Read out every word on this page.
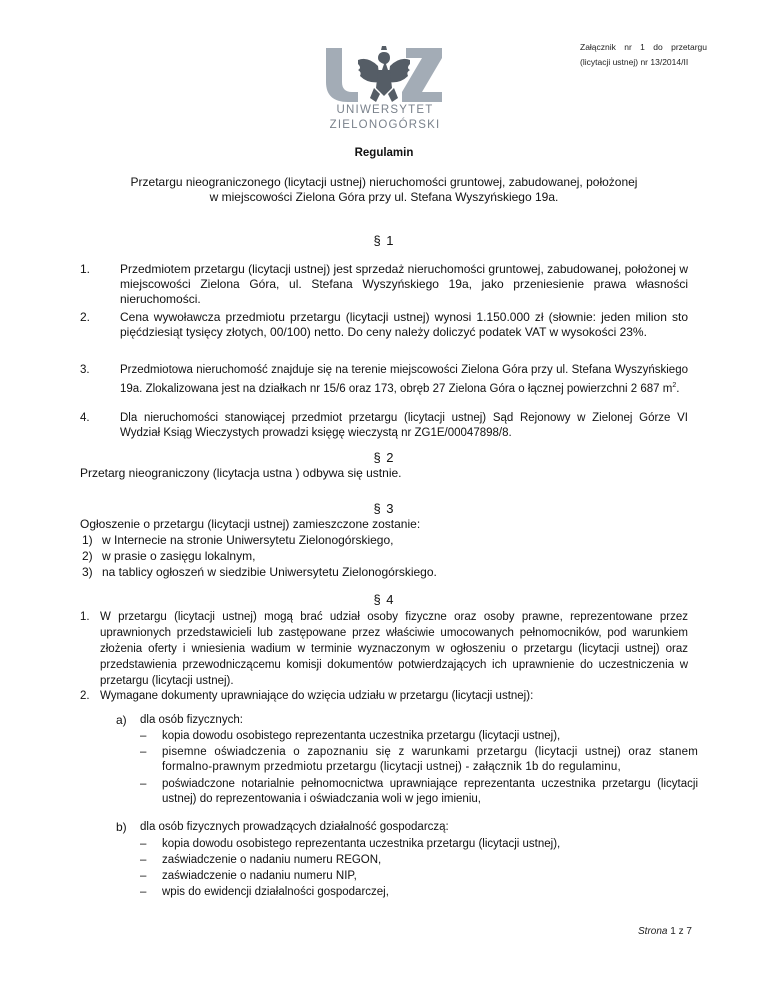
Załącznik nr 1 do przetargu
(licytacji ustnej) nr 13/2014/II
UNIWERSYTET
ZIELONOGÓRSKI
Regulamin
Przetargu nieograniczonego (licytacji ustnej) nieruchomości gruntowej, zabudowanej, położonej
w miejscowości Zielona Góra przy ul. Stefana Wyszyńskiego 19a.
§ 1
1. Przedmiotem przetargu (licytacji ustnej) jest sprzedaż nieruchomości gruntowej, zabudowanej, położonej w miejscowości Zielona Góra, ul. Stefana Wyszyńskiego 19a, jako przeniesienie prawa własności nieruchomości.
2. Cena wywoławcza przedmiotu przetargu (licytacji ustnej) wynosi 1.150.000 zł (słownie: jeden milion sto pięćdziesiąt tysięcy złotych, 00/100) netto. Do ceny należy doliczyć podatek VAT w wysokości 23%.
3.	Przedmiotowa nieruchomość znajduje się na terenie miejscowości Zielona Góra przy ul. Stefana Wyszyńskiego 19a. Zlokalizowana jest na działkach nr 15/6 oraz 173, obręb 27 Zielona Góra o łącznej powierzchni 2 687 $m^2$.
4.	Dla nieruchomości stanowiącej przedmiot przetargu (licytacji ustnej) Sąd Rejonowy w Zielonej Górze VI Wydział Ksiąg Wieczystych prowadzi księgę wieczystą nr ZG1E/00047898/8.
§ 2
Przetarg nieograniczony (licytacja ustna ) odbywa się ustnie.
§ 3
Ogłoszenie o przetargu (licytacji ustnej) zamieszczone zostanie:
1) w Internecie na stronie Uniwersytetu Zielonogórskiego,
2) w prasie o zasięgu lokalnym,
3) na tablicy ogłoszeń w siedzibie Uniwersytetu Zielonogórskiego.
§ 4
1. W przetargu (licytacji ustnej) mogą brać udział osoby fizyczne oraz osoby prawne, reprezentowane przez uprawnionych przedstawicieli lub zastępowane przez właściwie umocowanych pełnomocników, pod warunkiem złożenia oferty i wniesienia wadium w terminie wyznaczonym w ogłoszeniu o przetargu (licytacji ustnej) oraz przedstawienia przewodniczącemu komisji dokumentów potwierdzających ich uprawnienie do uczestniczenia w przetargu (licytacji ustnej).
2. Wymagane dokumenty uprawniające do wzięcia udziału w przetargu (licytacji ustnej):
a) dla osób fizycznych:
– kopia dowodu osobistego reprezentanta uczestnika przetargu (licytacji ustnej),
– pisemne oświadczenia o zapoznaniu się z warunkami przetargu (licytacji ustnej) oraz stanem formalno-prawnym przedmiotu przetargu (licytacji ustnej) - załącznik 1b do regulaminu,
– poświadczone notarialnie pełnomocnictwa uprawniające reprezentanta uczestnika przetargu (licytacji ustnej) do reprezentowania i oświadczania woli w jego imieniu,
b) dla osób fizycznych prowadzących działalność gospodarczą:
– kopia dowodu osobistego reprezentanta uczestnika przetargu (licytacji ustnej),
– zaświadczenie o nadaniu numeru REGON,
– zaświadczenie o nadaniu numeru NIP,
– wpis do ewidencji działalności gospodarczej,
Strona 1 z 7
